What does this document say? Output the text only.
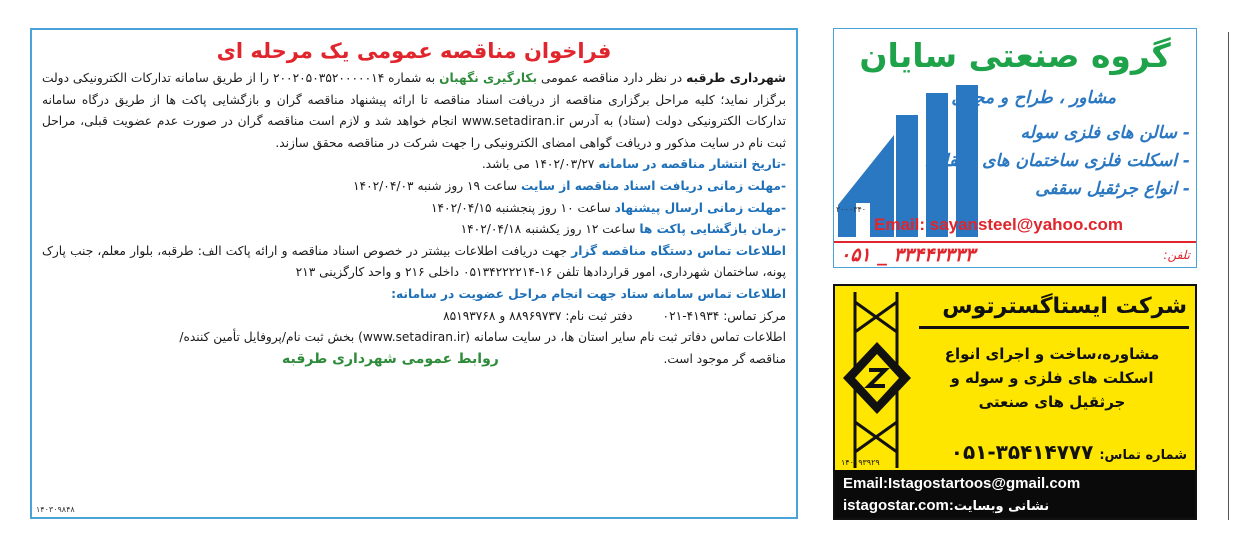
فراخوان مناقصه عمومی یک مرحله ای

شهرداری طرقبه در نظر دارد مناقصه عمومی بکارگیری نگهبان به شماره ۲۰۰۲۰۵۰۳۵۲۰۰۰۰۰۱۴ را از طریق سامانه تدارکات الکترونیکی دولت برگزار نماید؛ کلیه مراحل برگزاری مناقصه از دریافت اسناد مناقصه تا ارائه پیشنهاد مناقصه گران و بازگشایی پاکت ها از طریق درگاه سامانه تدارکات الکترونیکی دولت (ستاد) به آدرس www.setadiran.ir انجام خواهد شد و لازم است مناقصه گران در صورت عدم عضویت قبلی، مراحل ثبت نام در سایت مذکور و دریافت گواهی امضای الکترونیکی را جهت شرکت در مناقصه محقق سازند.

-تاریخ انتشار مناقصه در سامانه ۱۴۰۲/۰۳/۲۷ می باشد.

-مهلت زمانی دریافت اسناد مناقصه از سایت ساعت ۱۹ روز شنبه ۱۴۰۲/۰۴/۰۳

-مهلت زمانی ارسال پیشنهاد ساعت ۱۰ روز پنجشنبه ۱۴۰۲/۰۴/۱۵

-زمان بازگشایی پاکت ها ساعت ۱۲ روز یکشنبه ۱۴۰۲/۰۴/۱۸

اطلاعات تماس دستگاه مناقصه گزار جهت دریافت اطلاعات بیشتر در خصوص اسناد مناقصه و ارائه پاکت الف: طرقبه، بلوار معلم، جنب پارک پونه، ساختمان شهرداری، امور قراردادها تلفن ۱۶-۰۵۱۳۴۲۲۲۲۱۴ داخلی ۲۱۶ و واحد کارگزینی ۲۱۳

اطلاعات تماس سامانه ستاد جهت انجام مراحل عضویت در سامانه:

مرکز تماس: ۴۱۹۳۴-۰۲۱
دفتر ثبت نام: ۸۸۹۶۹۷۳۷ و ۸۵۱۹۳۷۶۸

اطلاعات تماس دفاتر ثبت نام سایر استان ها، در سایت سامانه (www.setadiran.ir) بخش ثبت نام/پروفایل تأمین کننده/

مناقصه گر موجود است.
روابط عمومی شهرداری طرقبه

۱۴۰۳۰۹۸۴۸
گروه صنعتی سایان
مشاور ، طراح و مجری :
- سالن های فلزی سوله
- اسکلت فلزی ساختمان های طبقاتی
- انواع جرثقیل سقفی
۲۰۰۰۳۴۰
Email: sayansteel@yahoo.com
تلفن:
۰۵۱ _ ۳۳۴۴۳۳۳۳
شرکت ایستاگسترتوس
مشاوره،ساخت و اجرای انواع
اسکلت های فلزی و سوله و
جرثقیل های صنعتی
شماره تماس:
۰۵۱-۳۵۴۱۴۷۷۷
۱۴۰۱۹۳۹۲۹
Email:Istagostartoos@gmail.com
istagostar.com:نشانی وبسایت
